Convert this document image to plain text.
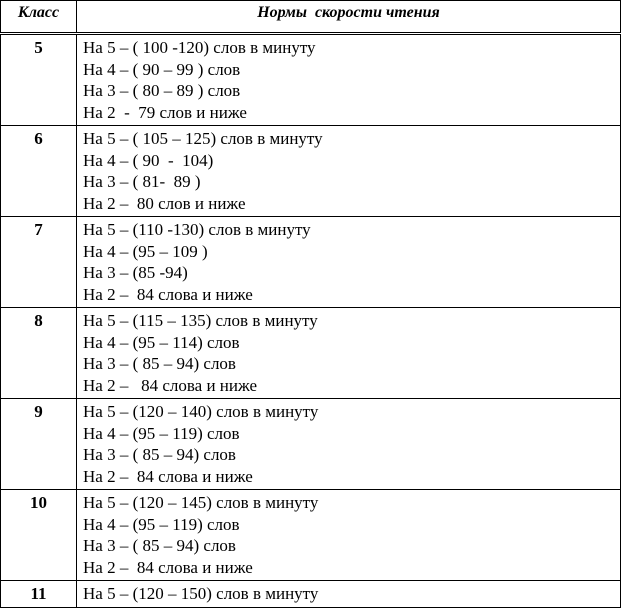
Класс	Нормы  скорости чтения
5	На 5 – ( 100 -120) слов в минуту
На 4 – ( 90 – 99 ) слов
На 3 – ( 80 – 89 ) слов
На 2  -  79 слов и ниже

6	На 5 – ( 105 – 125) слов в минуту
На 4 – ( 90  -  104)
На 3 – ( 81-  89 )
На 2 –  80 слов и ниже

7	На 5 – (110 -130) слов в минуту
На 4 – (95 – 109 )
На 3 – (85 -94)
На 2 –  84 слова и ниже

8	На 5 – (115 – 135) слов в минуту
На 4 – (95 – 114) слов
На 3 – ( 85 – 94) слов
На 2 –   84 слова и ниже

9	На 5 – (120 – 140) слов в минуту
На 4 – (95 – 119) слов
На 3 – ( 85 – 94) слов
На 2 –  84 слова и ниже

10	На 5 – (120 – 145) слов в минуту
На 4 – (95 – 119) слов
На 3 – ( 85 – 94) слов
На 2 –  84 слова и ниже

11	На 5 – (120 – 150) слов в минуту
